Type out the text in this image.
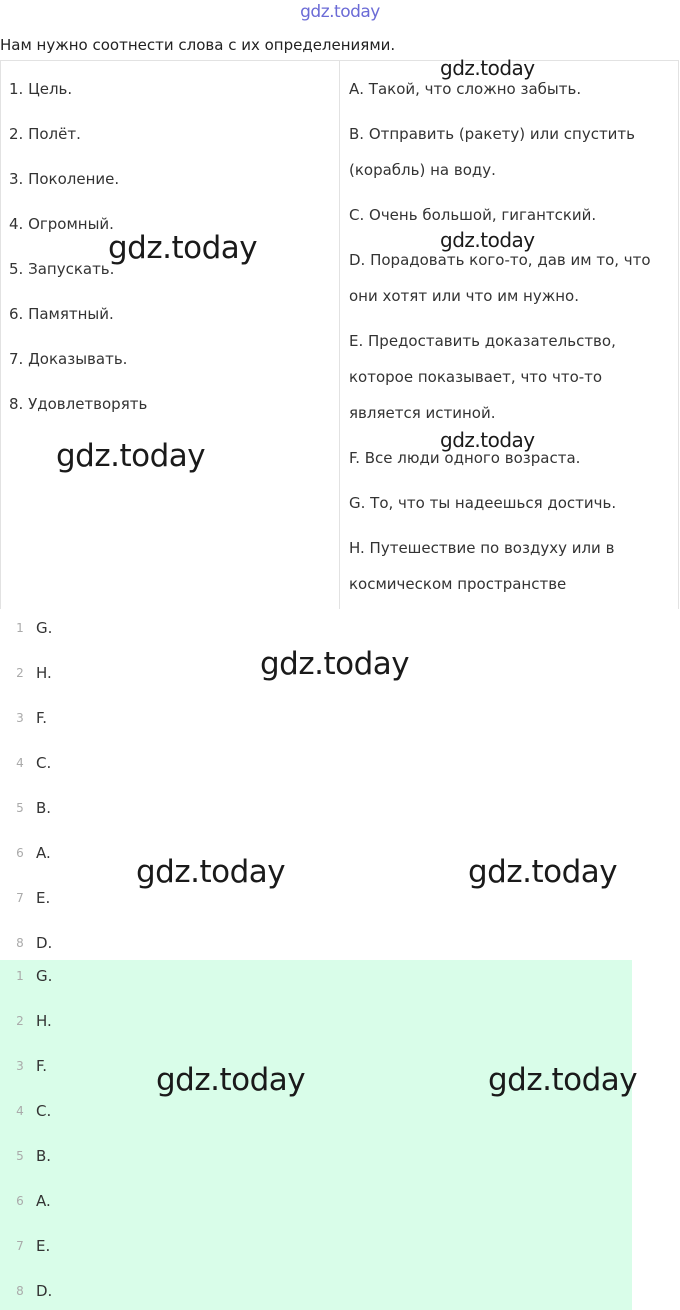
gdz.today
Нам нужно соотнести слова с их определениями.
1. Цель.
2. Полёт.
3. Поколение.
4. Огромный.
5. Запускать.
6. Памятный.
7. Доказывать.
8. Удовлетворять
А. Такой, что сложно забыть.
B. Отправить (ракету) или спустить
(корабль) на воду.
C. Очень большой, гигантский.
D. Порадовать кого-то, дав им то, что
они хотят или что им нужно.
E. Предоставить доказательство,
которое показывает, что что-то
является истиной.
F. Все люди одного возраста.
G. То, что ты надеешься достичь.
H. Путешествие по воздуху или в
космическом пространстве
1 G.
2 H.
3 F.
4 C.
5 B.
6 A.
7 E.
8 D.
1 G.
2 H.
3 F.
4 C.
5 B.
6 A.
7 E.
8 D.
gdz.today
gdz.today	gdz.today
gdz.today
gdz.today
gdz.today
gdz.today	gdz.today
gdz.today	gdz.today
